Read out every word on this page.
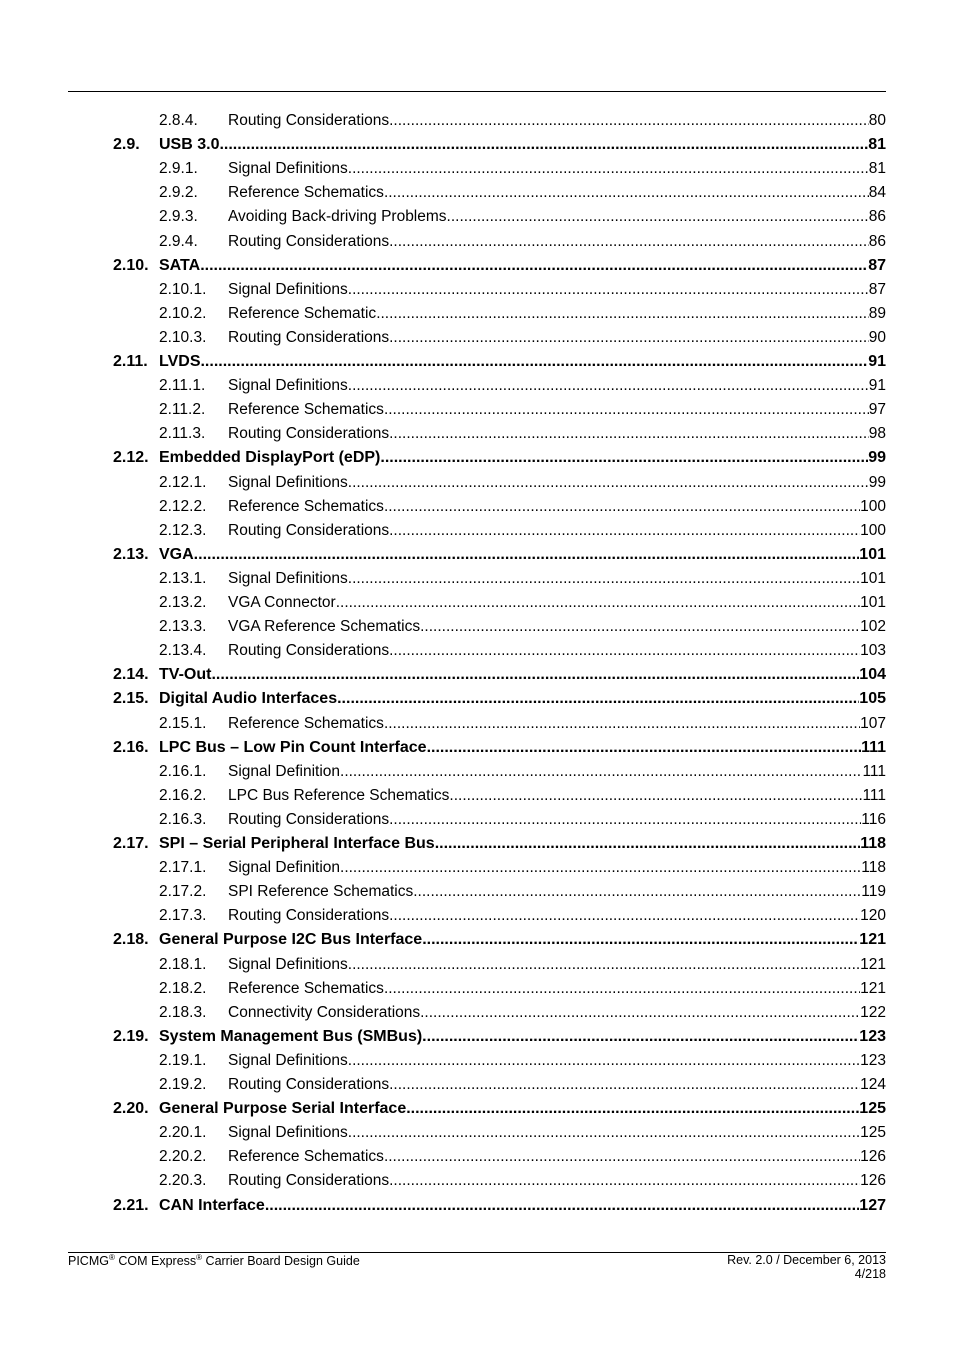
2.8.4. Routing Considerations .....	80
2.9. USB 3.0 .....	81
2.9.1. Signal Definitions .....	81
2.9.2. Reference Schematics .....	84
2.9.3. Avoiding Back-driving Problems .....	86
2.9.4. Routing Considerations .....	86
2.10. SATA .....	87
2.10.1. Signal Definitions .....	87
2.10.2. Reference Schematic .....	89
2.10.3. Routing Considerations .....	90
2.11. LVDS .....	91
2.11.1. Signal Definitions .....	91
2.11.2. Reference Schematics .....	97
2.11.3. Routing Considerations .....	98
2.12. Embedded DisplayPort (eDP) .....	99
2.12.1. Signal Definitions .....	99
2.12.2. Reference Schematics .....	100
2.12.3. Routing Considerations .....	100
2.13. VGA .....	101
2.13.1. Signal Definitions .....	101
2.13.2. VGA Connector .....	101
2.13.3. VGA Reference Schematics .....	102
2.13.4. Routing Considerations .....	103
2.14. TV-Out .....	104
2.15. Digital Audio Interfaces .....	105
2.15.1. Reference Schematics .....	107
2.16. LPC Bus – Low Pin Count Interface .....	111
2.16.1. Signal Definition .....	111
2.16.2. LPC Bus Reference Schematics .....	111
2.16.3. Routing Considerations .....	116
2.17. SPI – Serial Peripheral Interface Bus .....	118
2.17.1. Signal Definition .....	118
2.17.2. SPI Reference Schematics .....	119
2.17.3. Routing Considerations .....	120
2.18. General Purpose I2C Bus Interface .....	121
2.18.1. Signal Definitions .....	121
2.18.2. Reference Schematics .....	121
2.18.3. Connectivity Considerations .....	122
2.19. System Management Bus (SMBus) .....	123
2.19.1. Signal Definitions .....	123
2.19.2. Routing Considerations .....	124
2.20. General Purpose Serial Interface .....	125
2.20.1. Signal Definitions .....	125
2.20.2. Reference Schematics .....	126
2.20.3. Routing Considerations .....	126
2.21. CAN Interface .....	127
PICMG® COM Express® Carrier Board Design Guide	Rev. 2.0 / December 6, 2013
4/218
